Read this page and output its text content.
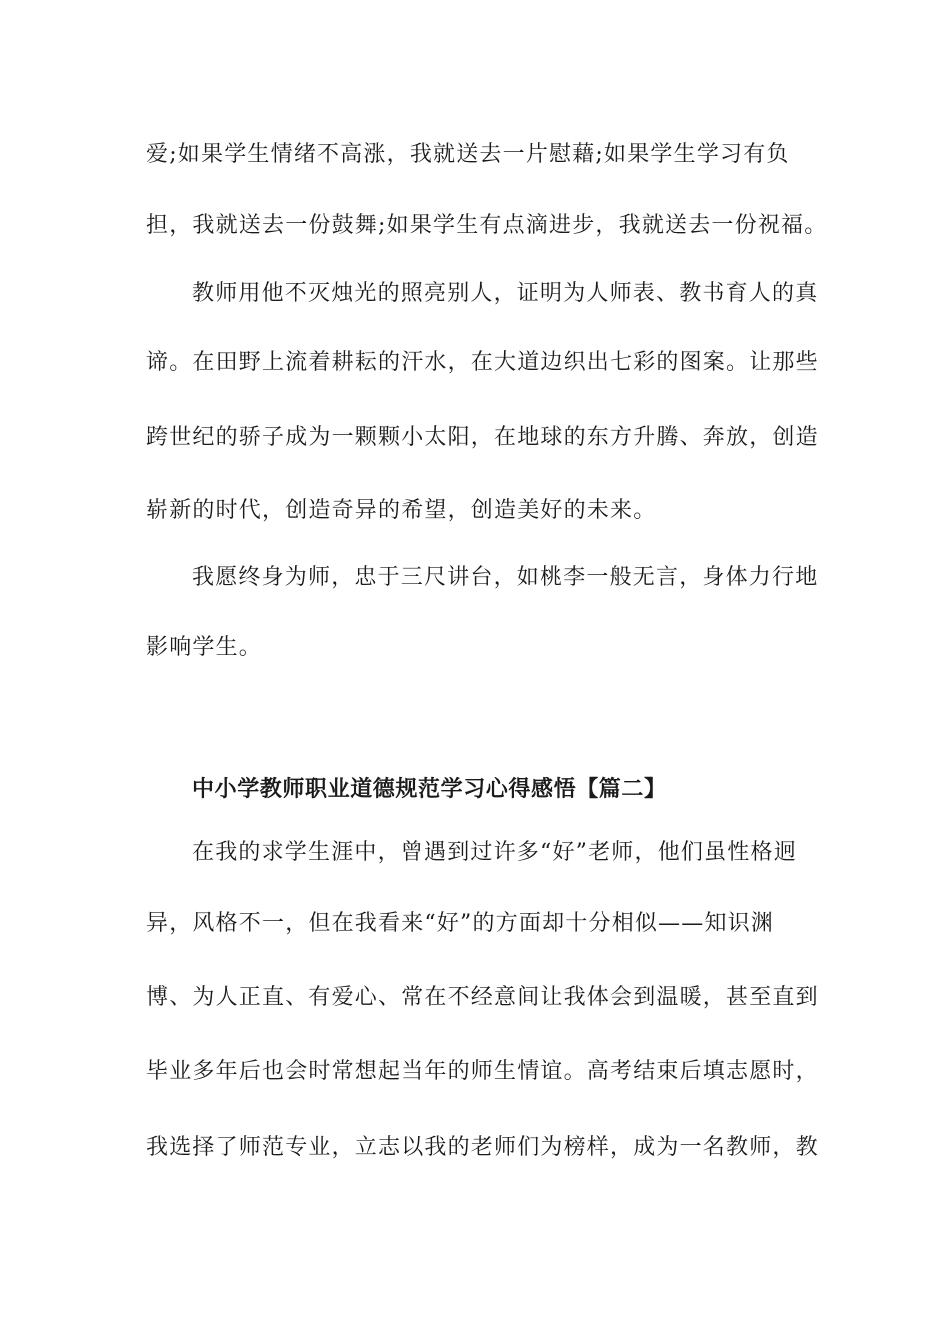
爱;如果学生情绪不高涨，我就送去一片慰藉;如果学生学习有负
担，我就送去一份鼓舞;如果学生有点滴进步，我就送去一份祝福。
教师用他不灭烛光的照亮别人，证明为人师表、教书育人的真
谛。在田野上流着耕耘的汗水，在大道边织出七彩的图案。让那些
跨世纪的骄子成为一颗颗小太阳，在地球的东方升腾、奔放，创造
崭新的时代，创造奇异的希望，创造美好的未来。
我愿终身为师，忠于三尺讲台，如桃李一般无言，身体力行地
影响学生。
中小学教师职业道德规范学习心得感悟【篇二】
在我的求学生涯中，曾遇到过许多“好”老师，他们虽性格迥
异，风格不一，但在我看来“好”的方面却十分相似——知识渊
博、为人正直、有爱心、常在不经意间让我体会到温暖，甚至直到
毕业多年后也会时常想起当年的师生情谊。高考结束后填志愿时，
我选择了师范专业，立志以我的老师们为榜样，成为一名教师，教
